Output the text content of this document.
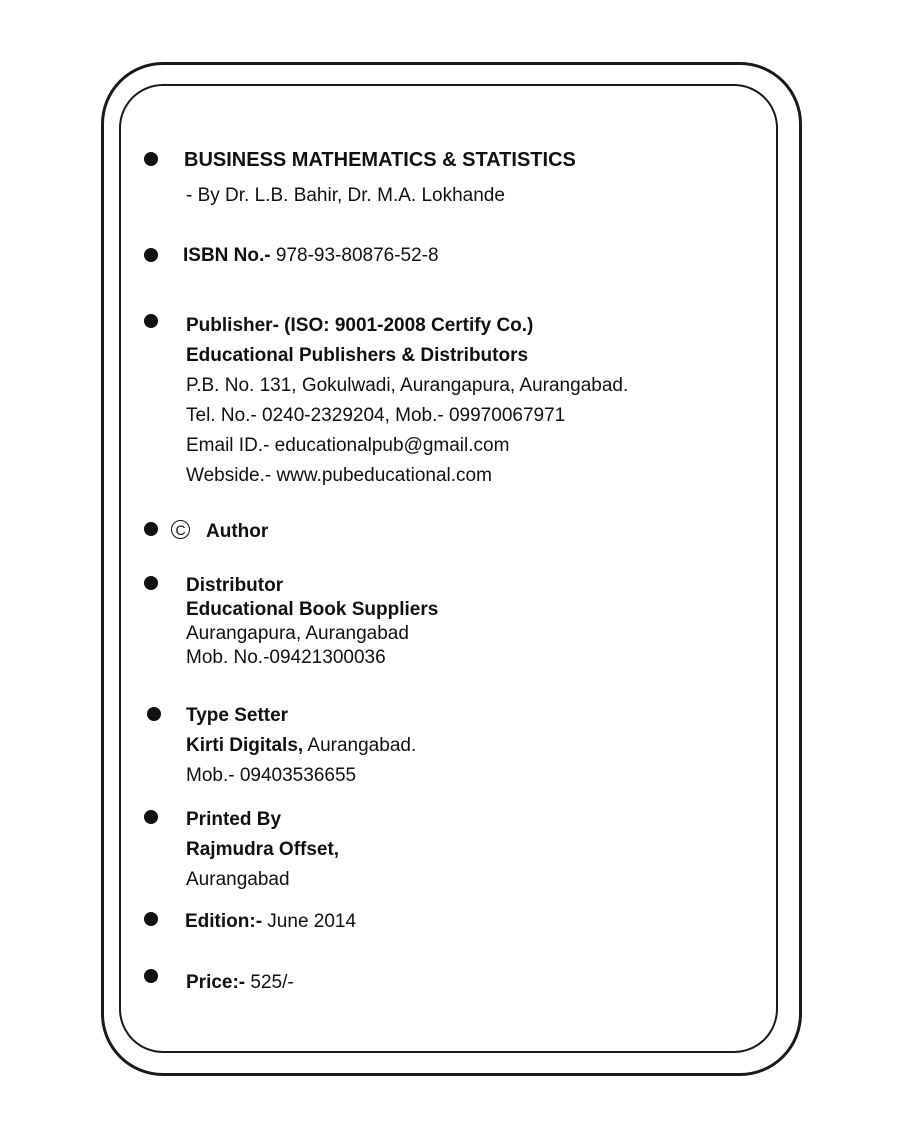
BUSINESS MATHEMATICS & STATISTICS
- By Dr. L.B. Bahir, Dr. M.A. Lokhande
ISBN No.- 978-93-80876-52-8
Publisher- (ISO: 9001-2008 Certify Co.)
Educational Publishers & Distributors
P.B. No. 131, Gokulwadi, Aurangapura, Aurangabad.
Tel. No.- 0240-2329204, Mob.- 09970067971
Email ID.- educationalpub@gmail.com
Webside.- www.pubeducational.com
C Author
Distributor
Educational Book Suppliers
Aurangapura, Aurangabad
Mob. No.-09421300036
Type Setter
Kirti Digitals, Aurangabad.
Mob.- 09403536655
Printed By
Rajmudra Offset,
Aurangabad
Edition:- June 2014
Price:- 525/-
